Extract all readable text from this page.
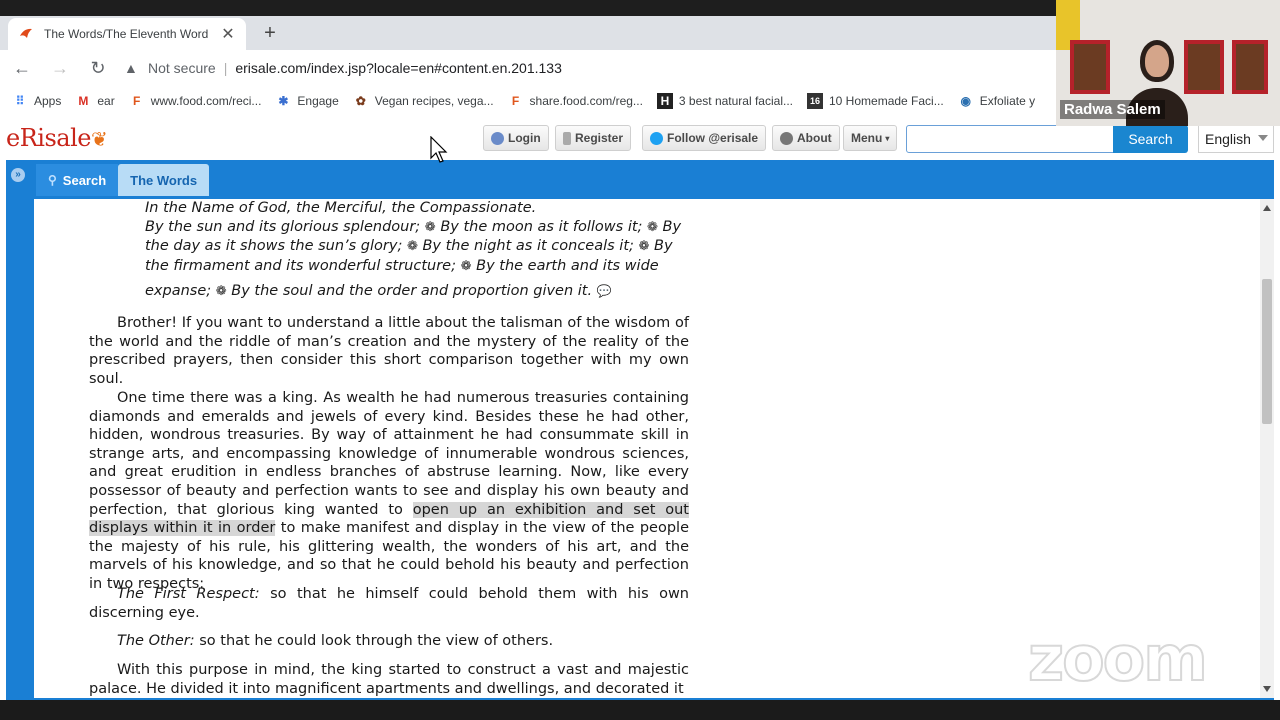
The Words/The Eleventh Word ✕ +
←	→	↻	▲ Not secure | erisale.com/index.jsp?locale=en#content.en.201.133
⠿ Apps M ear	F www.food.com/reci... ✱ Engage ✿ Vegan recipes, vega...	F share.food.com/reg...	H 3 best natural facial...	16 10 Homemade Faci... ◉ Exfoliate y
eRisale❦	Login	Register	Follow @erisale	About Menu ▾	Search	English
»	⚲ Search The Words
In the Name of God, the Merciful, the Compassionate.
By the sun and its glorious splendour; ❁ By the moon as it follows it; ❁ By
the day as it shows the sun’s glory; ❁ By the night as it conceals it; ❁ By
the firmament and its wonderful structure; ❁ By the earth and its wide
expanse; ❁ By the soul and the order and proportion given it. 💬
Brother! If you want to understand a little about the talisman of the wisdom of the world and the riddle of man’s creation and the mystery of the reality of the prescribed prayers, then consider this short comparison together with my own soul.
One time there was a king. As wealth he had numerous treasuries containing diamonds and emeralds and jewels of every kind. Besides these he had other, hidden, wondrous treasuries. By way of attainment he had consummate skill in strange arts, and encompassing knowledge of innumerable wondrous sciences, and great erudition in endless branches of abstruse learning. Now, like every possessor of beauty and perfection wants to see and display his own beauty and perfection, that glorious king wanted to open up an exhibition and set out displays within it in order to make manifest and display in the view of the people the majesty of his rule, his glittering wealth, the wonders of his art, and the marvels of his knowledge, and so that he could behold his beauty and perfection in two respects:
The First Respect: so that he himself could behold them with his own discerning eye.
The Other: so that he could look through the view of others.
With this purpose in mind, the king started to construct a vast and majestic palace. He divided it into magnificent apartments and dwellings, and decorated it
Radwa Salem
zoom
